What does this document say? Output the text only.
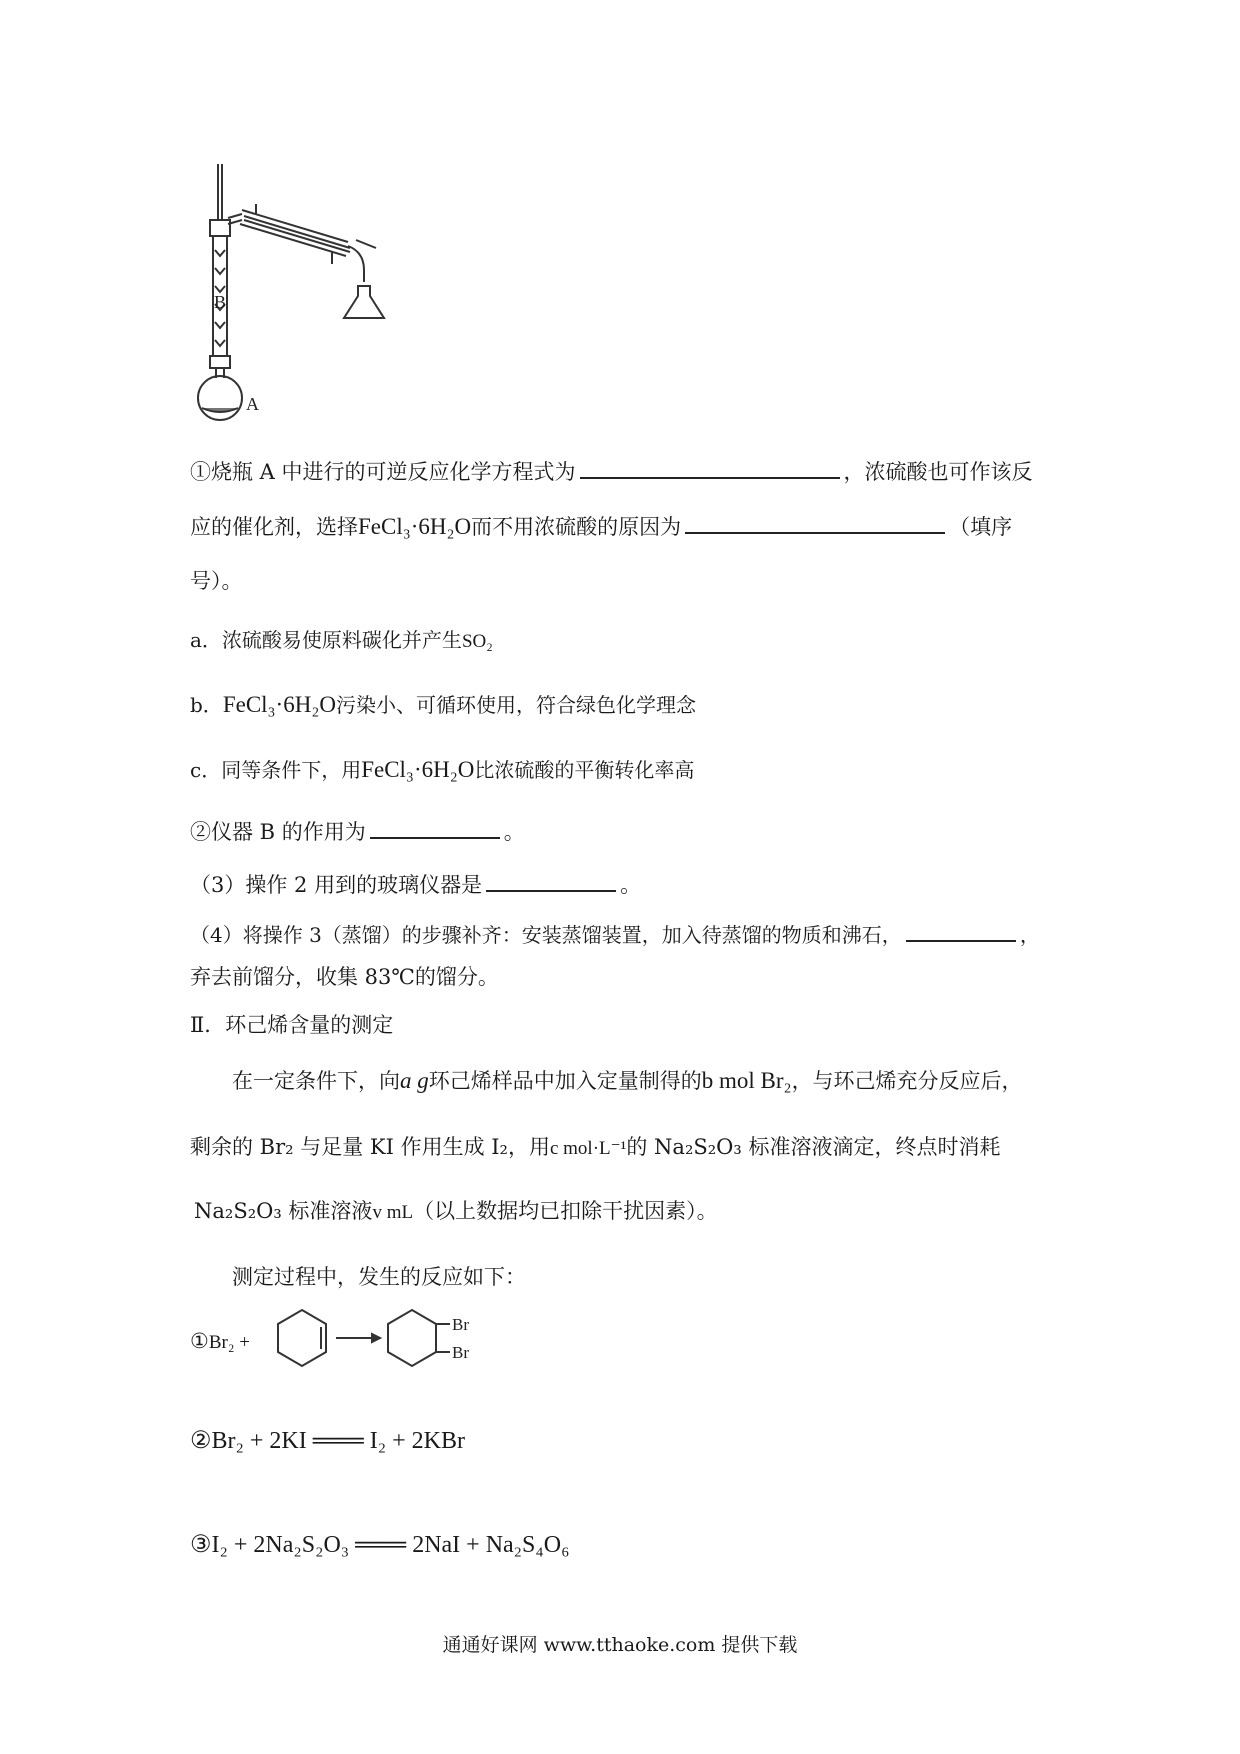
B
A
①烧瓶 A 中进行的可逆反应化学方程式为	，浓硫酸也可作该反
应的催化剂，选择FeCl₃·6H₂O而不用浓硫酸的原因为	（填序
号）。
a．浓硫酸易使原料碳化并产生SO₂
b．FeCl₃·6H₂O污染小、可循环使用，符合绿色化学理念
c．同等条件下，用FeCl₃·6H₂O比浓硫酸的平衡转化率高
②仪器 B 的作用为	。
（3）操作 2 用到的玻璃仪器是	。
（4）将操作 3（蒸馏）的步骤补齐：安装蒸馏装置，加入待蒸馏的物质和沸石，	，
弃去前馏分，收集 83℃的馏分。
Ⅱ．环己烯含量的测定
在一定条件下，向a g环己烯样品中加入定量制得的b mol Br₂，与环己烯充分反应后，
剩余的 Br₂ 与足量 KI 作用生成 I₂，用c mol·L⁻¹的 Na₂S₂O₃ 标准溶液滴定，终点时消耗
Na₂S₂O₃ 标准溶液v mL（以上数据均已扣除干扰因素）。
测定过程中，发生的反应如下：
①Br₂ +
Br
Br
②Br₂ + 2KI ═══ I₂ + 2KBr
③I₂ + 2Na₂S₂O₃ ═══ 2NaI + Na₂S₄O₆
通通好课网 www.tthaoke.com 提供下载
